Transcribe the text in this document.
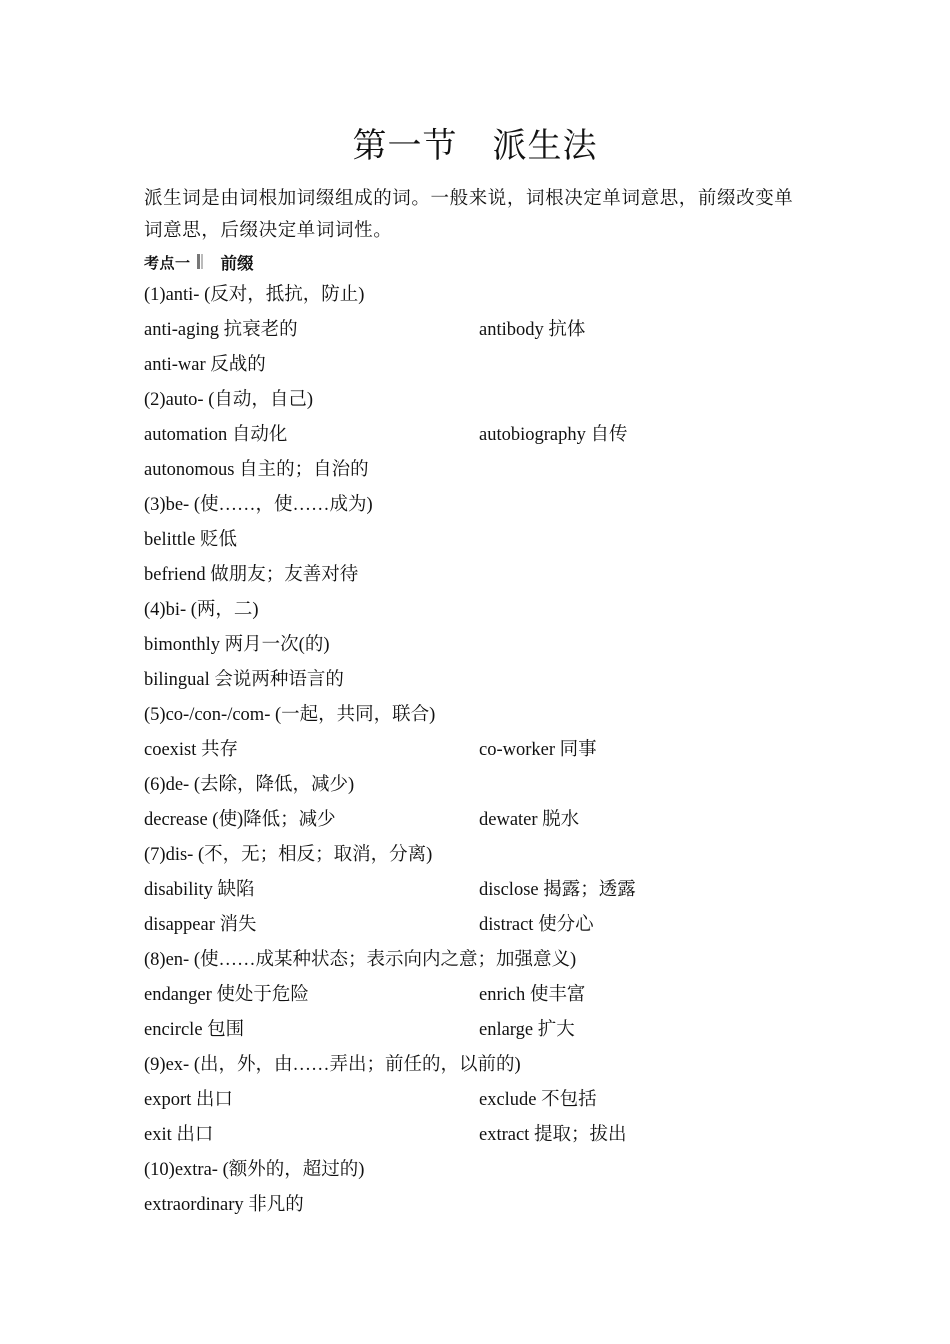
第一节　派生法
派生词是由词根加词缀组成的词。一般来说，词根决定单词意思，前缀改变单词意思，后缀决定单词词性。
考点一 前缀
(1)anti- (反对，抵抗，防止)
anti-aging 抗衰老的	antibody 抗体
anti-war 反战的
(2)auto- (自动，自己)
automation 自动化	autobiography 自传
autonomous 自主的；自治的
(3)be- (使……，使……成为)
belittle 贬低
befriend 做朋友；友善对待
(4)bi- (两，二)
bimonthly 两月一次(的)
bilingual 会说两种语言的
(5)co-/con-/com- (一起，共同，联合)
coexist 共存	co-worker 同事
(6)de- (去除，降低，减少)
decrease (使)降低；减少	dewater 脱水
(7)dis- (不，无；相反；取消，分离)
disability 缺陷	disclose 揭露；透露
disappear 消失	distract 使分心
(8)en- (使……成某种状态；表示向内之意；加强意义)
endanger 使处于危险	enrich 使丰富
encircle 包围	enlarge 扩大
(9)ex- (出，外，由……弄出；前任的，以前的)
export 出口	exclude 不包括
exit 出口	extract 提取；拔出
(10)extra- (额外的，超过的)
extraordinary 非凡的
